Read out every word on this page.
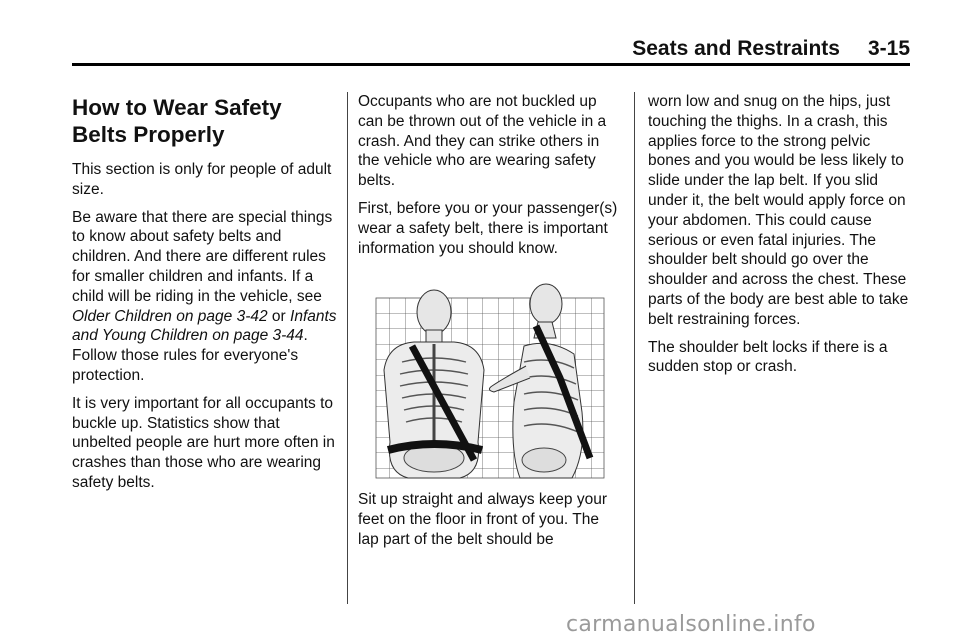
Seats and Restraints 3-15
How to Wear Safety Belts Properly

This section is only for people of adult size.

Be aware that there are special things to know about safety belts and children. And there are different rules for smaller children and infants. If a child will be riding in the vehicle, see Older Children on page 3-42 or Infants and Young Children on page 3-44. Follow those rules for everyone's protection.

It is very important for all occupants to buckle up. Statistics show that unbelted people are hurt more often in crashes than those who are wearing safety belts.

Occupants who are not buckled up can be thrown out of the vehicle in a crash. And they can strike others in the vehicle who are wearing safety belts.

First, before you or your passenger(s) wear a safety belt, there is important information you should know.

Sit up straight and always keep your feet on the floor in front of you. The lap part of the belt should be

worn low and snug on the hips, just touching the thighs. In a crash, this applies force to the strong pelvic bones and you would be less likely to slide under the lap belt. If you slid under it, the belt would apply force on your abdomen. This could cause serious or even fatal injuries. The shoulder belt should go over the shoulder and across the chest. These parts of the body are best able to take belt restraining forces.

The shoulder belt locks if there is a sudden stop or crash.

carmanualsonline.info
